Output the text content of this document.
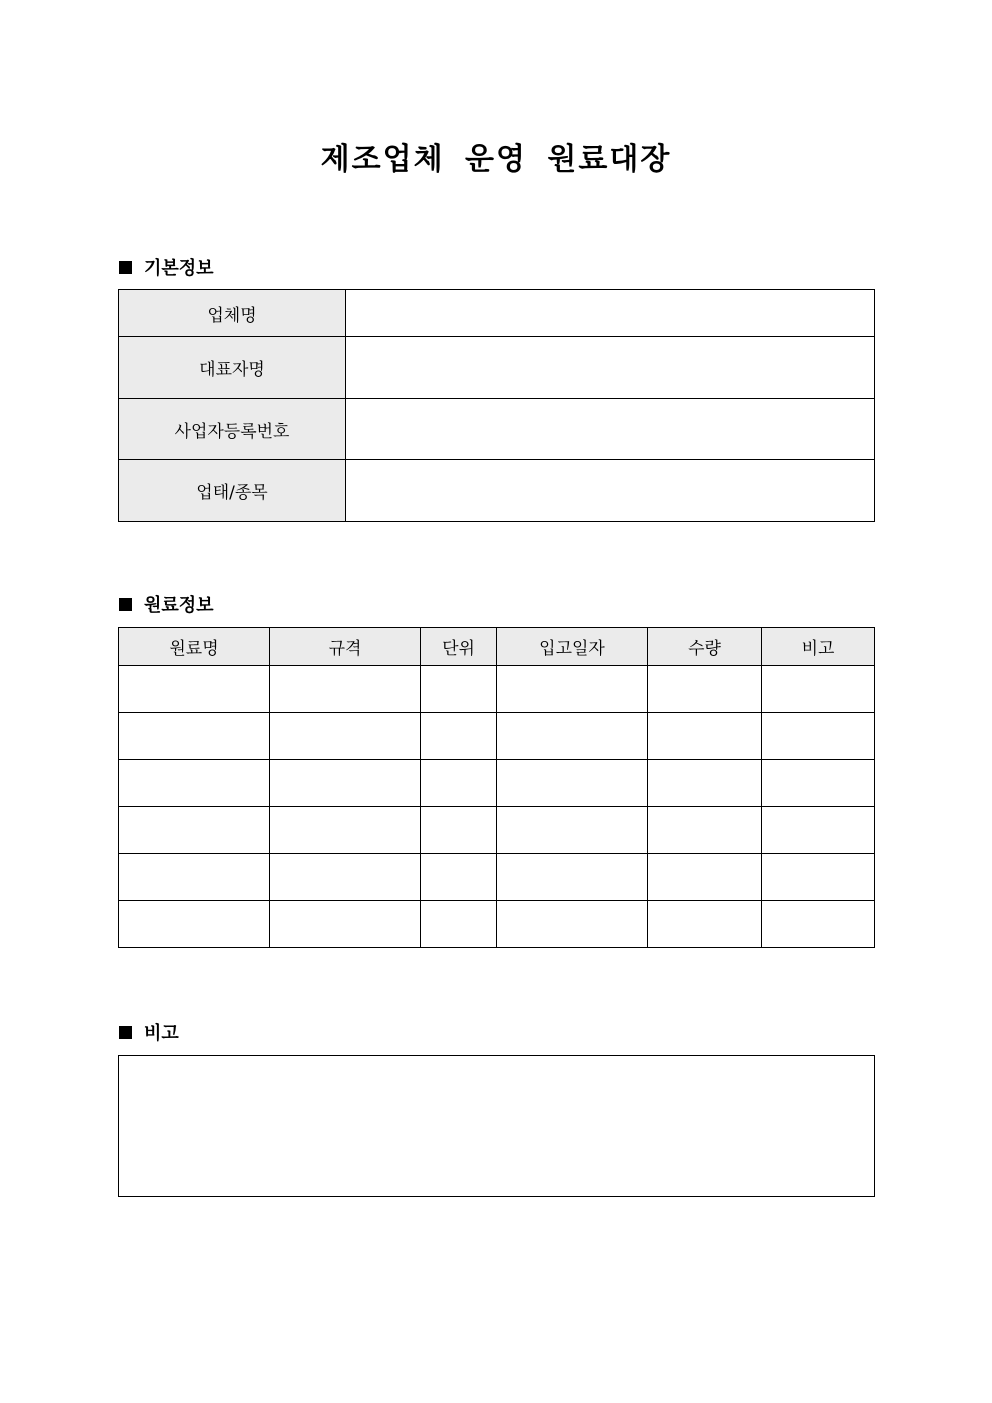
제조업체 운영 원료대장
기본정보
업체명	
대표자명	
사업자등록번호	
업태/종목	
원료정보
원료명	규격	단위	입고일자	수량	비고

비고
